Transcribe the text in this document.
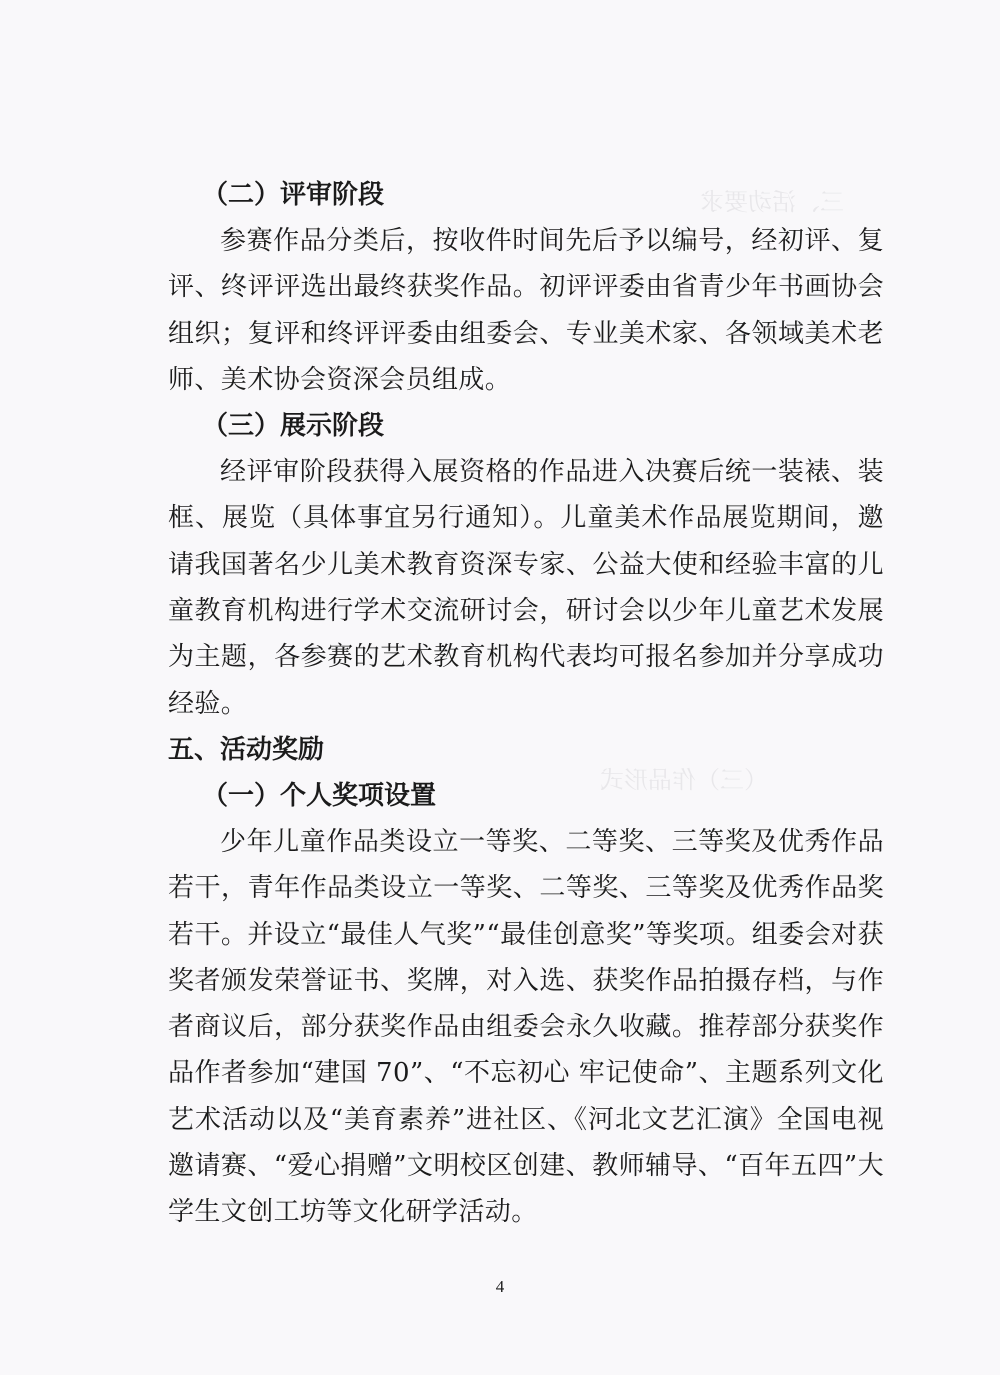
三、活动要求
（三）作品形式
（二）评审阶段

参赛作品分类后，按收件时间先后予以编号，经初评、复评、终评评选出最终获奖作品。初评评委由省青少年书画协会组织；复评和终评评委由组委会、专业美术家、各领域美术老师、美术协会资深会员组成。

（三）展示阶段

经评审阶段获得入展资格的作品进入决赛后统一装裱、装框、展览（具体事宜另行通知）。儿童美术作品展览期间，邀请我国著名少儿美术教育资深专家、公益大使和经验丰富的儿童教育机构进行学术交流研讨会，研讨会以少年儿童艺术发展为主题，各参赛的艺术教育机构代表均可报名参加并分享成功经验。

五、活动奖励
（一）个人奖项设置

少年儿童作品类设立一等奖、二等奖、三等奖及优秀作品若干，青年作品类设立一等奖、二等奖、三等奖及优秀作品奖若干。并设立“最佳人气奖”“最佳创意奖”等奖项。组委会对获奖者颁发荣誉证书、奖牌，对入选、获奖作品拍摄存档，与作者商议后，部分获奖作品由组委会永久收藏。推荐部分获奖作品作者参加“建国 70”、“不忘初心 牢记使命”、主题系列文化艺术活动以及“美育素养”进社区、《河北文艺汇演》全国电视邀请赛、“爱心捐赠”文明校区创建、教师辅导、“百年五四”大学生文创工坊等文化研学活动。

4
